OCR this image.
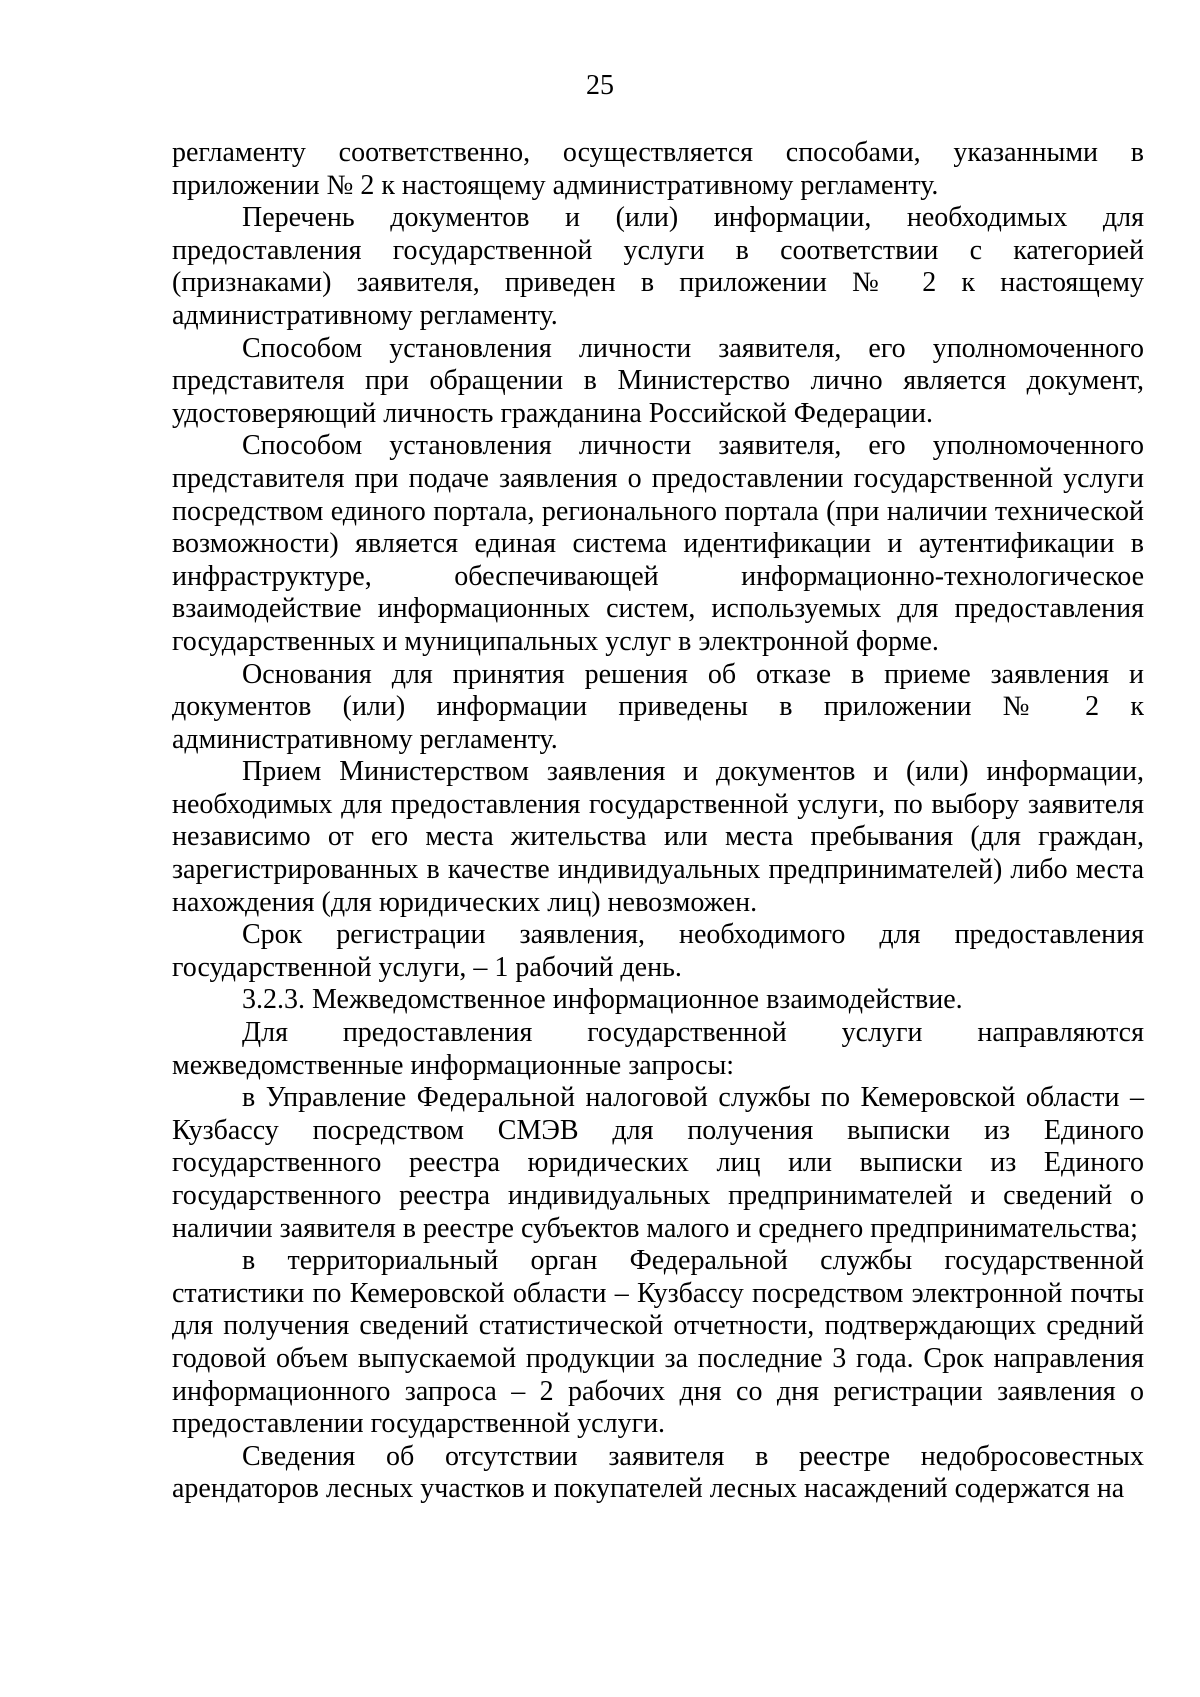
25

регламенту соответственно, осуществляется способами, указанными в приложении № 2 к настоящему административному регламенту.

Перечень документов и (или) информации, необходимых для предоставления государственной услуги в соответствии с категорией (признаками) заявителя, приведен в приложении № 2 к настоящему административному регламенту.

Способом установления личности заявителя, его уполномоченного представителя при обращении в Министерство лично является документ, удостоверяющий личность гражданина Российской Федерации.

Способом установления личности заявителя, его уполномоченного представителя при подаче заявления о предоставлении государственной услуги посредством единого портала, регионального портала (при наличии технической возможности) является единая система идентификации и аутентификации в инфраструктуре, обеспечивающей информационно-технологическое взаимодействие информационных систем, используемых для предоставления государственных и муниципальных услуг в электронной форме.

Основания для принятия решения об отказе в приеме заявления и документов (или) информации приведены в приложении № 2 к административному регламенту.

Прием Министерством заявления и документов и (или) информации, необходимых для предоставления государственной услуги, по выбору заявителя независимо от его места жительства или места пребывания (для граждан, зарегистрированных в качестве индивидуальных предпринимателей) либо места нахождения (для юридических лиц) невозможен.

Срок регистрации заявления, необходимого для предоставления государственной услуги, – 1 рабочий день.

3.2.3. Межведомственное информационное взаимодействие.

Для предоставления государственной услуги направляются межведомственные информационные запросы:

в Управление Федеральной налоговой службы по Кемеровской области – Кузбассу посредством СМЭВ для получения выписки из Единого государственного реестра юридических лиц или выписки из Единого государственного реестра индивидуальных предпринимателей и сведений о наличии заявителя в реестре субъектов малого и среднего предпринимательства;

в территориальный орган Федеральной службы государственной статистики по Кемеровской области – Кузбассу посредством электронной почты для получения сведений статистической отчетности, подтверждающих средний годовой объем выпускаемой продукции за последние 3 года. Срок направления информационного запроса – 2 рабочих дня со дня регистрации заявления о предоставлении государственной услуги.

Сведения об отсутствии заявителя в реестре недобросовестных арендаторов лесных участков и покупателей лесных насаждений содержатся на
